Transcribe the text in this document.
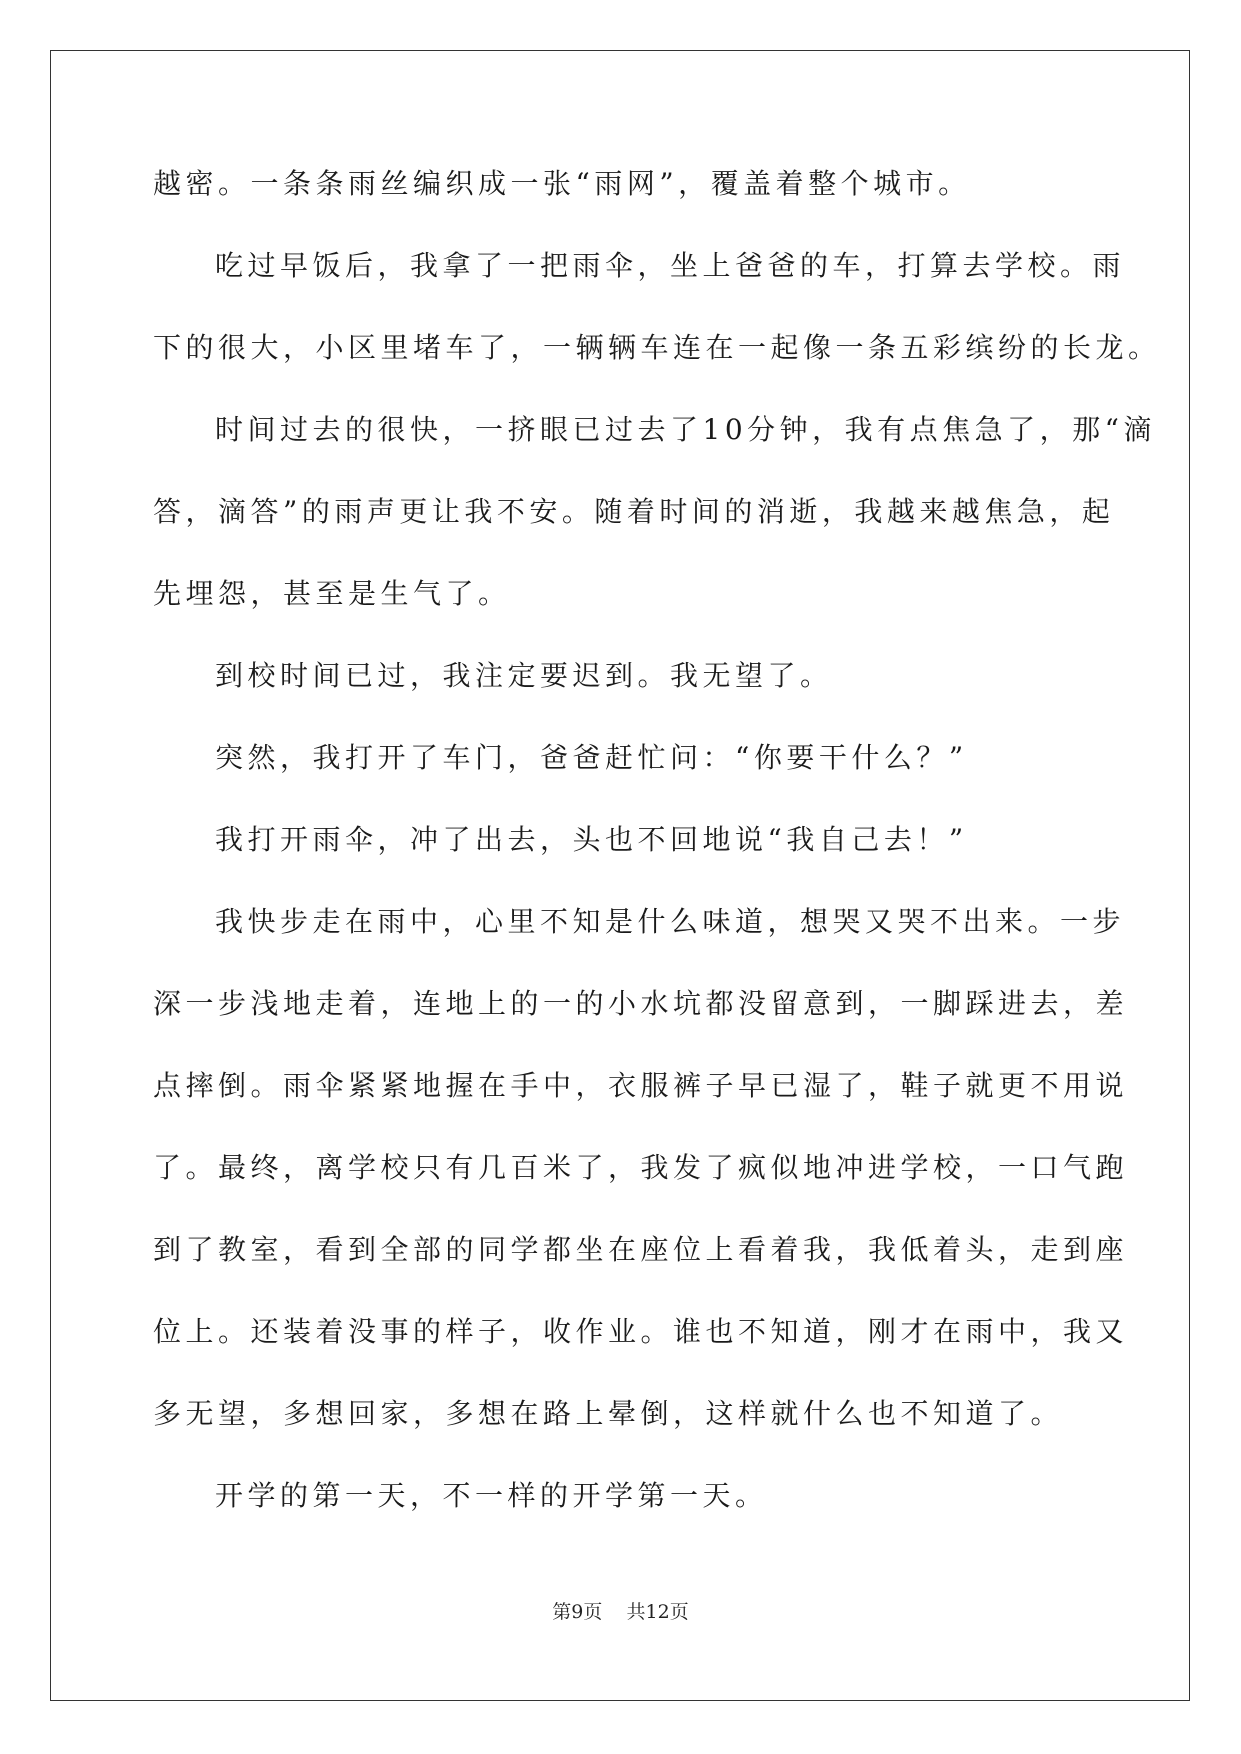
越密。一条条雨丝编织成一张“雨网”，覆盖着整个城市。
吃过早饭后，我拿了一把雨伞，坐上爸爸的车，打算去学校。雨
下的很大，小区里堵车了，一辆辆车连在一起像一条五彩缤纷的长龙。
时间过去的很快，一挤眼已过去了10分钟，我有点焦急了，那“滴
答，滴答”的雨声更让我不安。随着时间的消逝，我越来越焦急，起
先埋怨，甚至是生气了。
到校时间已过，我注定要迟到。我无望了。
突然，我打开了车门，爸爸赶忙问：“你要干什么？”
我打开雨伞，冲了出去，头也不回地说“我自己去！”
我快步走在雨中，心里不知是什么味道，想哭又哭不出来。一步
深一步浅地走着，连地上的一的小水坑都没留意到，一脚踩进去，差
点摔倒。雨伞紧紧地握在手中，衣服裤子早已湿了，鞋子就更不用说
了。最终，离学校只有几百米了，我发了疯似地冲进学校，一口气跑
到了教室，看到全部的同学都坐在座位上看着我，我低着头，走到座
位上。还装着没事的样子，收作业。谁也不知道，刚才在雨中，我又
多无望，多想回家，多想在路上晕倒，这样就什么也不知道了。
开学的第一天，不一样的开学第一天。
第9页 共12页
